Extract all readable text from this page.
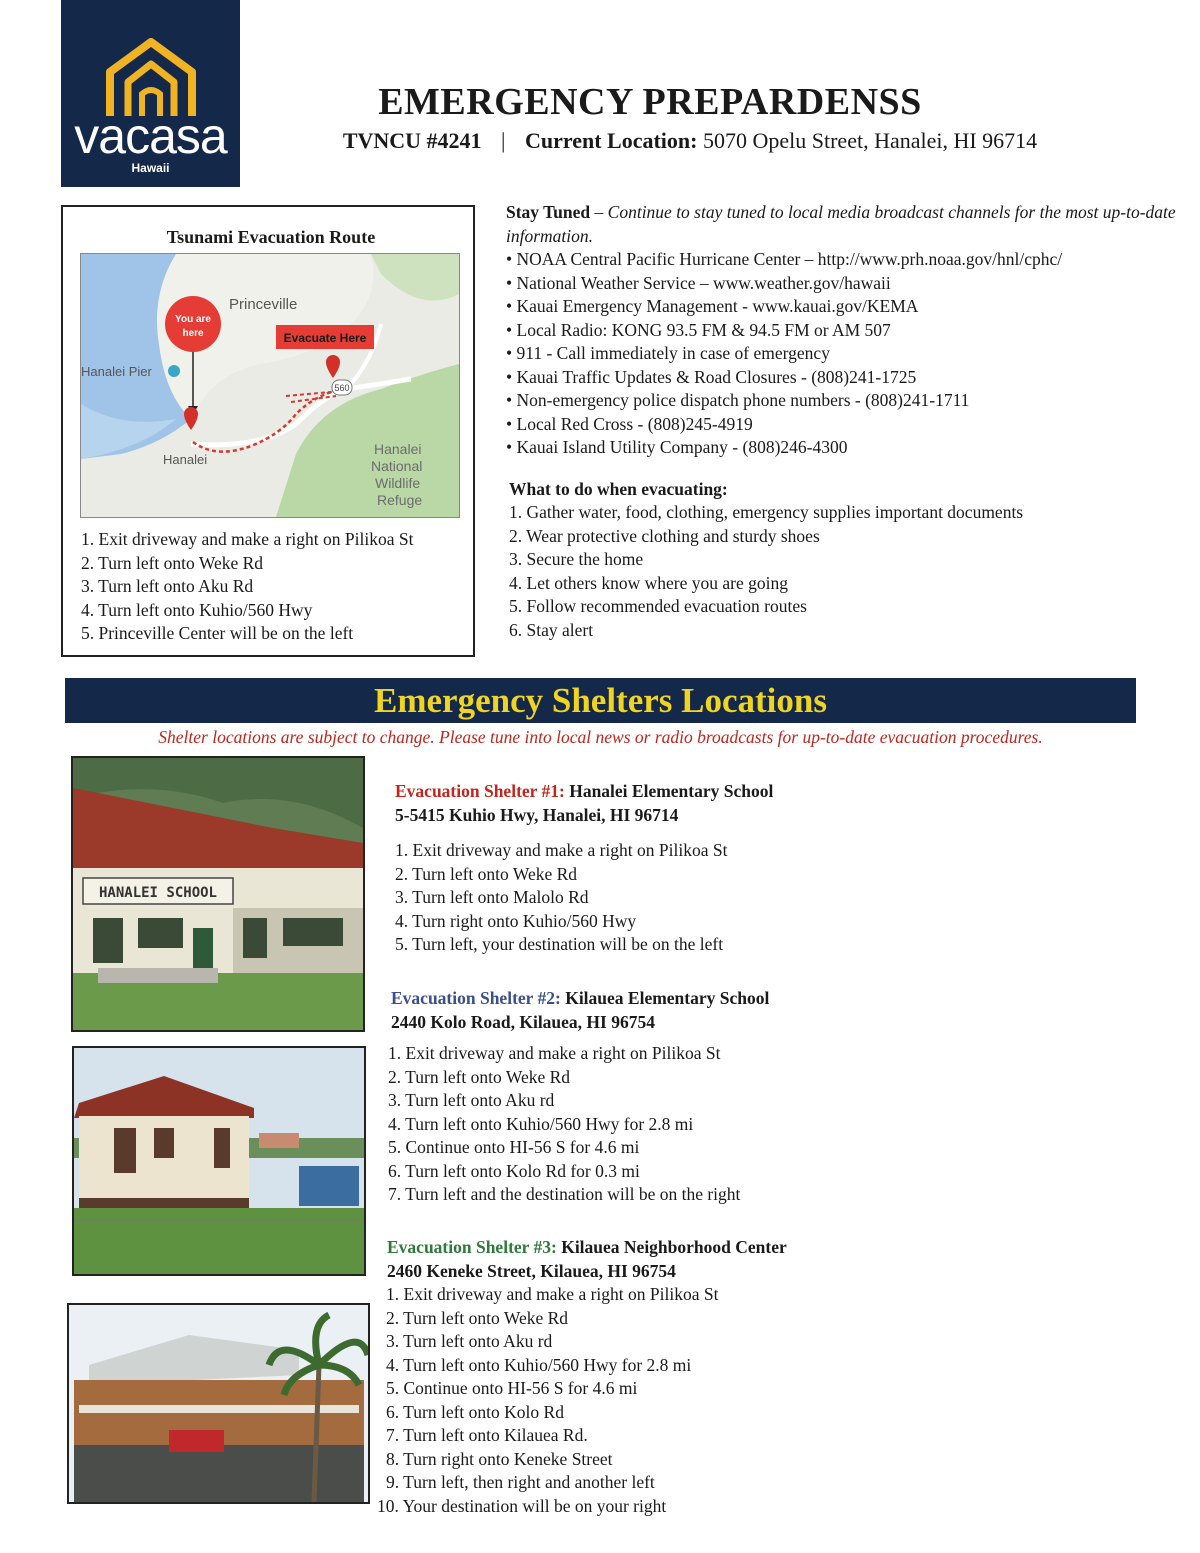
vacasa
Hawaii
EMERGENCY PREPARDENSS
TVNCU #4241 | Current Location: 5070 Opelu Street, Hanalei, HI 96714
Tsunami Evacuation Route
You are
here	Evacuate Here
560
Princeville
Hanalei Pier
Hanalei
Hanalei
National
Wildlife
Refuge
1. Exit driveway and make a right on Pilikoa St
2. Turn left onto Weke Rd
3. Turn left onto Aku Rd
4. Turn left onto Kuhio/560 Hwy
5. Princeville Center will be on the left

Stay Tuned – Continue to stay tuned to local media broadcast channels for the most up-to-date information.

• NOAA Central Pacific Hurricane Center – http://www.prh.noaa.gov/hnl/cphc/

• National Weather Service – www.weather.gov/hawaii

• Kauai Emergency Management - www.kauai.gov/KEMA

• Local Radio: KONG 93.5 FM & 94.5 FM or AM 507

• 911 - Call immediately in case of emergency

• Kauai Traffic Updates & Road Closures - (808)241-1725

• Non-emergency police dispatch phone numbers - (808)241-1711

• Local Red Cross - (808)245-4919

• Kauai Island Utility Company - (808)246-4300

What to do when evacuating:

1. Gather water, food, clothing, emergency supplies important documents

2. Wear protective clothing and sturdy shoes

3. Secure the home

4. Let others know where you are going

5. Follow recommended evacuation routes

6. Stay alert

Emergency Shelters Locations
Shelter locations are subject to change. Please tune into local news or radio broadcasts for up-to-date evacuation procedures.
HANALEI SCHOOL
Evacuation Shelter #1: Hanalei Elementary School
5-5415 Kuhio Hwy, Hanalei, HI 96714
1. Exit driveway and make a right on Pilikoa St
2. Turn left onto Weke Rd
3. Turn left onto Malolo Rd
4. Turn right onto Kuhio/560 Hwy
5. Turn left, your destination will be on the left
Evacuation Shelter #2: Kilauea Elementary School
2440 Kolo Road, Kilauea, HI 96754
1. Exit driveway and make a right on Pilikoa St
2. Turn left onto Weke Rd
3. Turn left onto Aku rd
4. Turn left onto Kuhio/560 Hwy for 2.8 mi
5. Continue onto HI-56 S for 4.6 mi
6. Turn left onto Kolo Rd for 0.3 mi
7. Turn left and the destination will be on the right
Evacuation Shelter #3: Kilauea Neighborhood Center
2460 Keneke Street, Kilauea, HI 96754
1. Exit driveway and make a right on Pilikoa St
2. Turn left onto Weke Rd
3. Turn left onto Aku rd
4. Turn left onto Kuhio/560 Hwy for 2.8 mi
5. Continue onto HI-56 S for 4.6 mi
6. Turn left onto Kolo Rd
7. Turn left onto Kilauea Rd.
8. Turn right onto Keneke Street
9. Turn left, then right and another left
10. Your destination will be on your right
